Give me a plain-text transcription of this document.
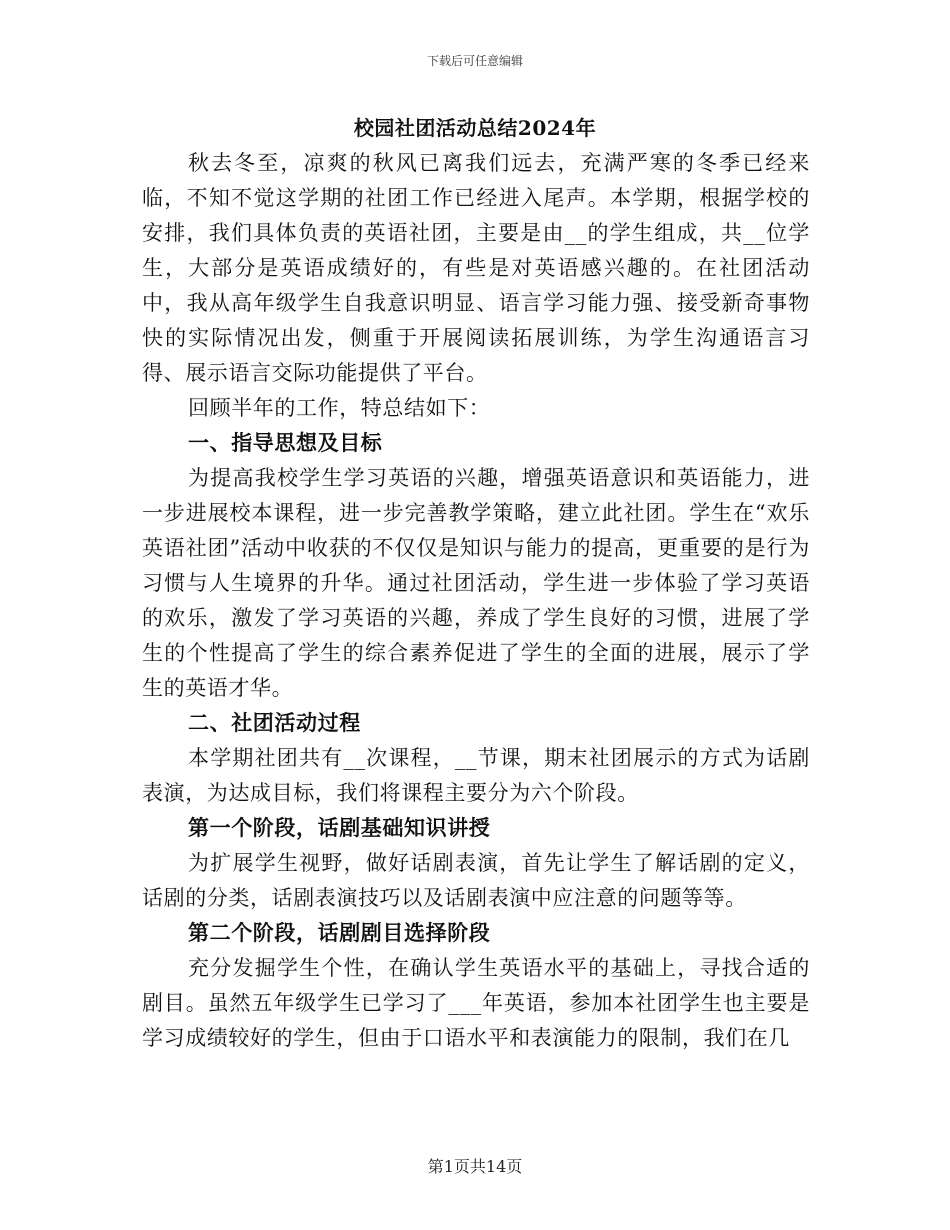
下载后可任意编辑
校园社团活动总结2024年

秋去冬至，凉爽的秋风已离我们远去，充满严寒的冬季已经来临，不知不觉这学期的社团工作已经进入尾声。本学期，根据学校的安排，我们具体负责的英语社团，主要是由__的学生组成，共__位学生，大部分是英语成绩好的，有些是对英语感兴趣的。在社团活动中，我从高年级学生自我意识明显、语言学习能力强、接受新奇事物快的实际情况出发，侧重于开展阅读拓展训练，为学生沟通语言习得、展示语言交际功能提供了平台。

回顾半年的工作，特总结如下：

一、指导思想及目标

为提高我校学生学习英语的兴趣，增强英语意识和英语能力，进一步进展校本课程，进一步完善教学策略，建立此社团。学生在“欢乐英语社团”活动中收获的不仅仅是知识与能力的提高，更重要的是行为习惯与人生境界的升华。通过社团活动，学生进一步体验了学习英语的欢乐，激发了学习英语的兴趣，养成了学生良好的习惯，进展了学生的个性提高了学生的综合素养促进了学生的全面的进展，展示了学生的英语才华。

二、社团活动过程

本学期社团共有__次课程，__节课，期末社团展示的方式为话剧表演，为达成目标，我们将课程主要分为六个阶段。

第一个阶段，话剧基础知识讲授

为扩展学生视野，做好话剧表演，首先让学生了解话剧的定义，话剧的分类，话剧表演技巧以及话剧表演中应注意的问题等等。

第二个阶段，话剧剧目选择阶段

充分发掘学生个性，在确认学生英语水平的基础上，寻找合适的剧目。虽然五年级学生已学习了___年英语，参加本社团学生也主要是学习成绩较好的学生，但由于口语水平和表演能力的限制，我们在几

第1页共14页
